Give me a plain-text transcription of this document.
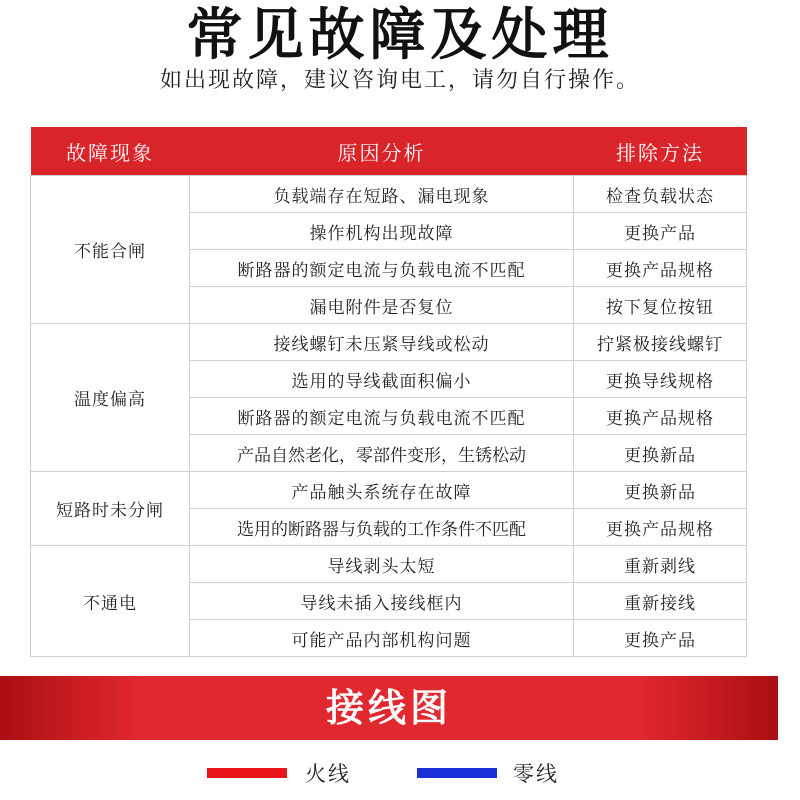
常见故障及处理
如出现故障，建议咨询电工，请勿自行操作。
故障现象	原因分析	排除方法
不能合闸	负载端存在短路、漏电现象	检查负载状态
	操作机构出现故障	更换产品
	断路器的额定电流与负载电流不匹配	更换产品规格
	漏电附件是否复位	按下复位按钮
温度偏高	接线螺钉未压紧导线或松动	拧紧极接线螺钉
	选用的导线截面积偏小	更换导线规格
	断路器的额定电流与负载电流不匹配	更换产品规格
	产品自然老化，零部件变形，生锈松动	更换新品
短路时未分闸	产品触头系统存在故障	更换新品
	选用的断路器与负载的工作条件不匹配	更换产品规格
不通电	导线剥头太短	重新剥线
	导线未插入接线框内	重新接线
	可能产品内部机构问题	更换产品
接线图
火线	零线
